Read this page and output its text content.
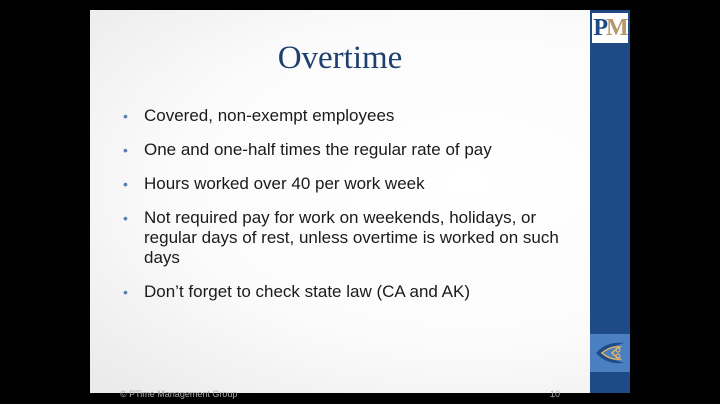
Overtime
• Covered, non-exempt employees
• One and one-half times the regular rate of pay
• Hours worked over 40 per work week
• Not required pay for work on weekends, holidays, or regular days of rest, unless overtime is worked on such days
• Don’t forget to check state law (CA and AK)
© PTime Management Group	10
P M
